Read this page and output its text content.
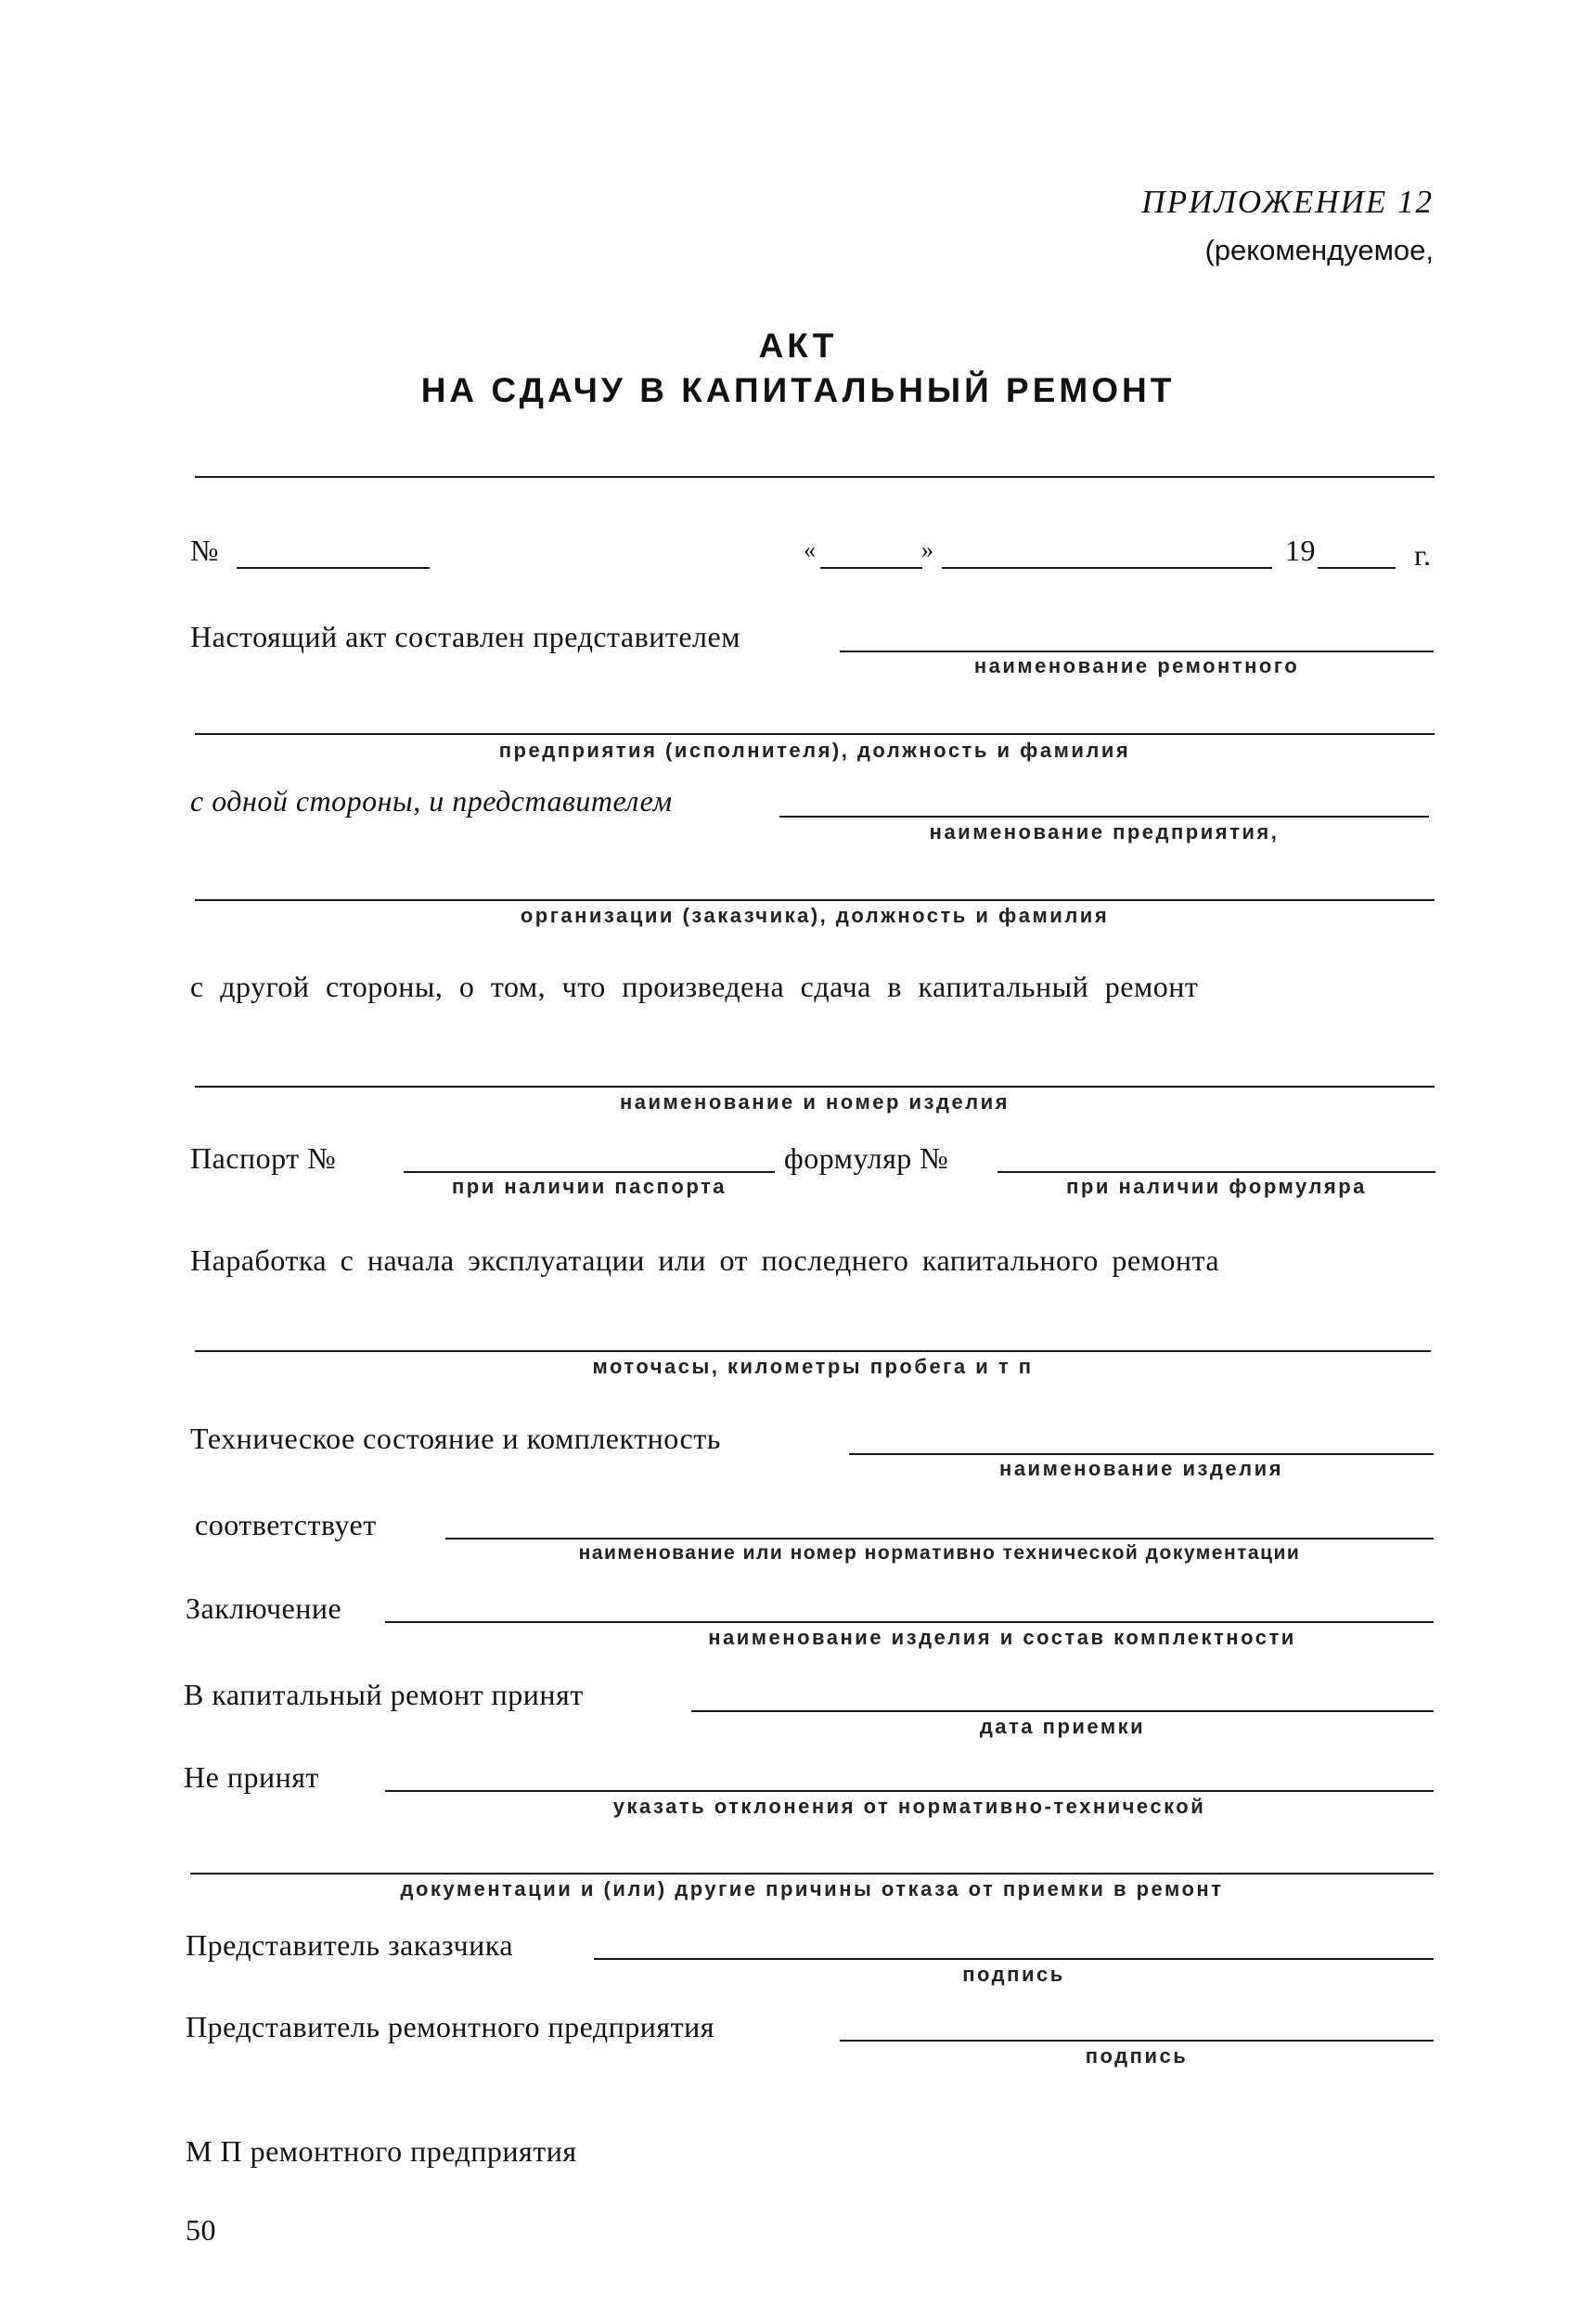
ПРИЛОЖЕНИЕ 12
(рекомендуемое,
АКТ
НА СДАЧУ В КАПИТАЛЬНЫЙ РЕМОНТ
№	«	»	19	г.
Настоящий акт составлен представителем
наименование ремонтного
предприятия (исполнителя), должность и фамилия
с одной стороны, и представителем
наименование предприятия,
организации (заказчика), должность и фамилия
с другой стороны, о том, что произведена сдача в капитальный ремонт
наименование и номер изделия
Паспорт №
при наличии паспорта
формуляр №
при наличии формуляра
Наработка с начала эксплуатации или от последнего капитального ремонта
моточасы, километры пробега и т п
Техническое состояние и комплектность
наименование изделия
соответствует
наименование или номер нормативно технической документации
Заключение
наименование изделия и состав комплектности
В капитальный ремонт принят
дата приемки
Не принят
указать отклонения от нормативно-технической
документации и (или) другие причины отказа от приемки в ремонт
Представитель заказчика
подпись
Представитель ремонтного предприятия
подпись
М П ремонтного предприятия
50
